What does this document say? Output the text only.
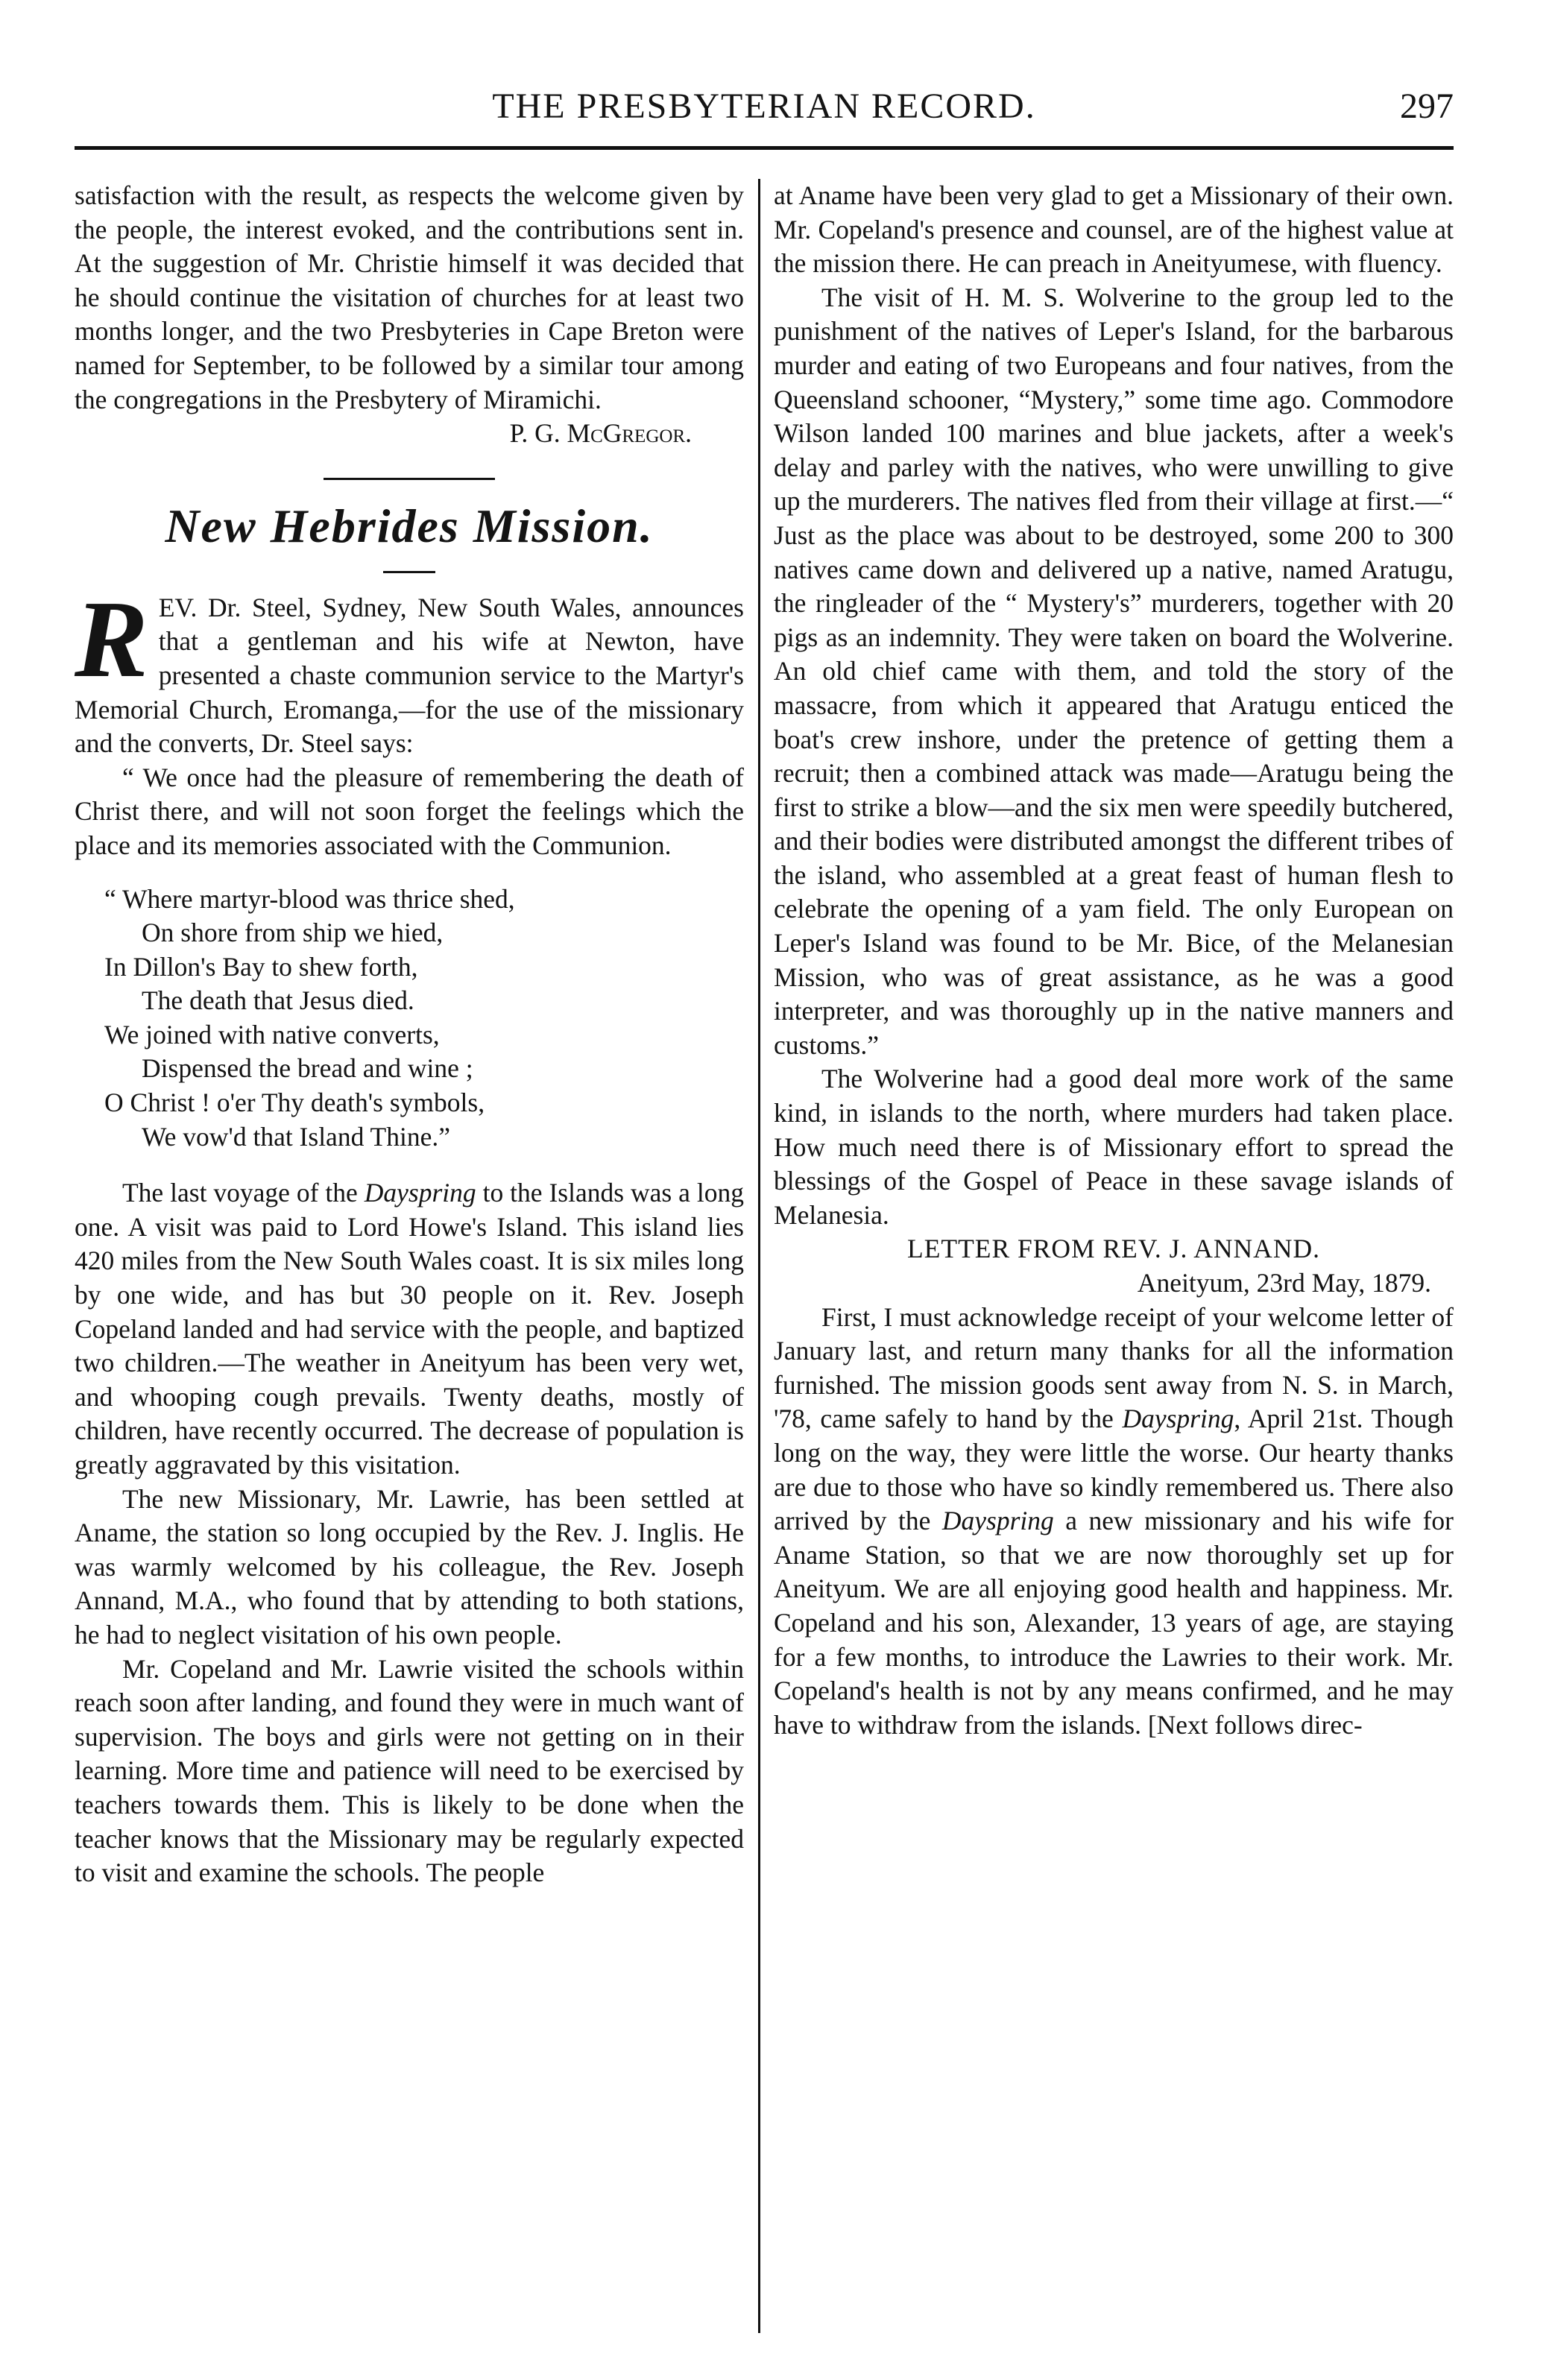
THE PRESBYTERIAN RECORD.	297

satisfaction with the result, as respects the welcome given by the people, the interest evoked, and the contributions sent in. At the suggestion of Mr. Christie himself it was decided that he should continue the visitation of churches for at least two months longer, and the two Presbyteries in Cape Breton were named for September, to be followed by a similar tour among the congregations in the Presbytery of Miramichi.

P. G. McGregor.

New Hebrides Mission.

REV. Dr. Steel, Sydney, New South Wales, announces that a gentleman and his wife at Newton, have presented a chaste communion service to the Martyr's Memorial Church, Eromanga,—for the use of the missionary and the converts, Dr. Steel says:

“ We once had the pleasure of remembering the death of Christ there, and will not soon forget the feelings which the place and its memories associated with the Communion.

“ Where martyr-blood was thrice shed,
On shore from ship we hied,
In Dillon's Bay to shew forth,
The death that Jesus died.
We joined with native converts,
Dispensed the bread and wine ;
O Christ ! o'er Thy death's symbols,
We vow'd that Island Thine.”

The last voyage of the Dayspring to the Islands was a long one. A visit was paid to Lord Howe's Island. This island lies 420 miles from the New South Wales coast. It is six miles long by one wide, and has but 30 people on it. Rev. Joseph Copeland landed and had service with the people, and baptized two children.—The weather in Aneityum has been very wet, and whooping cough prevails. Twenty deaths, mostly of children, have recently occurred. The decrease of population is greatly aggravated by this visitation.

The new Missionary, Mr. Lawrie, has been settled at Aname, the station so long occupied by the Rev. J. Inglis. He was warmly welcomed by his colleague, the Rev. Joseph Annand, M.A., who found that by attending to both stations, he had to neglect visitation of his own people.

Mr. Copeland and Mr. Lawrie visited the schools within reach soon after landing, and found they were in much want of supervision. The boys and girls were not getting on in their learning. More time and patience will need to be exercised by teachers towards them. This is likely to be done when the teacher knows that the Missionary may be regularly expected to visit and examine the schools. The people

at Aname have been very glad to get a Missionary of their own. Mr. Copeland's presence and counsel, are of the highest value at the mission there. He can preach in Aneityumese, with fluency.

The visit of H. M. S. Wolverine to the group led to the punishment of the natives of Leper's Island, for the barbarous murder and eating of two Europeans and four natives, from the Queensland schooner, “Mystery,” some time ago. Commodore Wilson landed 100 marines and blue jackets, after a week's delay and parley with the natives, who were unwilling to give up the murderers. The natives fled from their village at first.—“ Just as the place was about to be destroyed, some 200 to 300 natives came down and delivered up a native, named Aratugu, the ringleader of the “ Mystery's” murderers, together with 20 pigs as an indemnity. They were taken on board the Wolverine. An old chief came with them, and told the story of the massacre, from which it appeared that Aratugu enticed the boat's crew inshore, under the pretence of getting them a recruit; then a combined attack was made—Aratugu being the first to strike a blow—and the six men were speedily butchered, and their bodies were distributed amongst the different tribes of the island, who assembled at a great feast of human flesh to celebrate the opening of a yam field. The only European on Leper's Island was found to be Mr. Bice, of the Melanesian Mission, who was of great assistance, as he was a good interpreter, and was thoroughly up in the native manners and customs.”

The Wolverine had a good deal more work of the same kind, in islands to the north, where murders had taken place. How much need there is of Missionary effort to spread the blessings of the Gospel of Peace in these savage islands of Melanesia.

LETTER FROM REV. J. ANNAND.

Aneityum, 23rd May, 1879.

First, I must acknowledge receipt of your welcome letter of January last, and return many thanks for all the information furnished. The mission goods sent away from N. S. in March, '78, came safely to hand by the Dayspring, April 21st. Though long on the way, they were little the worse. Our hearty thanks are due to those who have so kindly remembered us. There also arrived by the Dayspring a new missionary and his wife for Aname Station, so that we are now thoroughly set up for Aneityum. We are all enjoying good health and happiness. Mr. Copeland and his son, Alexander, 13 years of age, are staying for a few months, to introduce the Lawries to their work. Mr. Copeland's health is not by any means confirmed, and he may have to withdraw from the islands. [Next follows direc-
